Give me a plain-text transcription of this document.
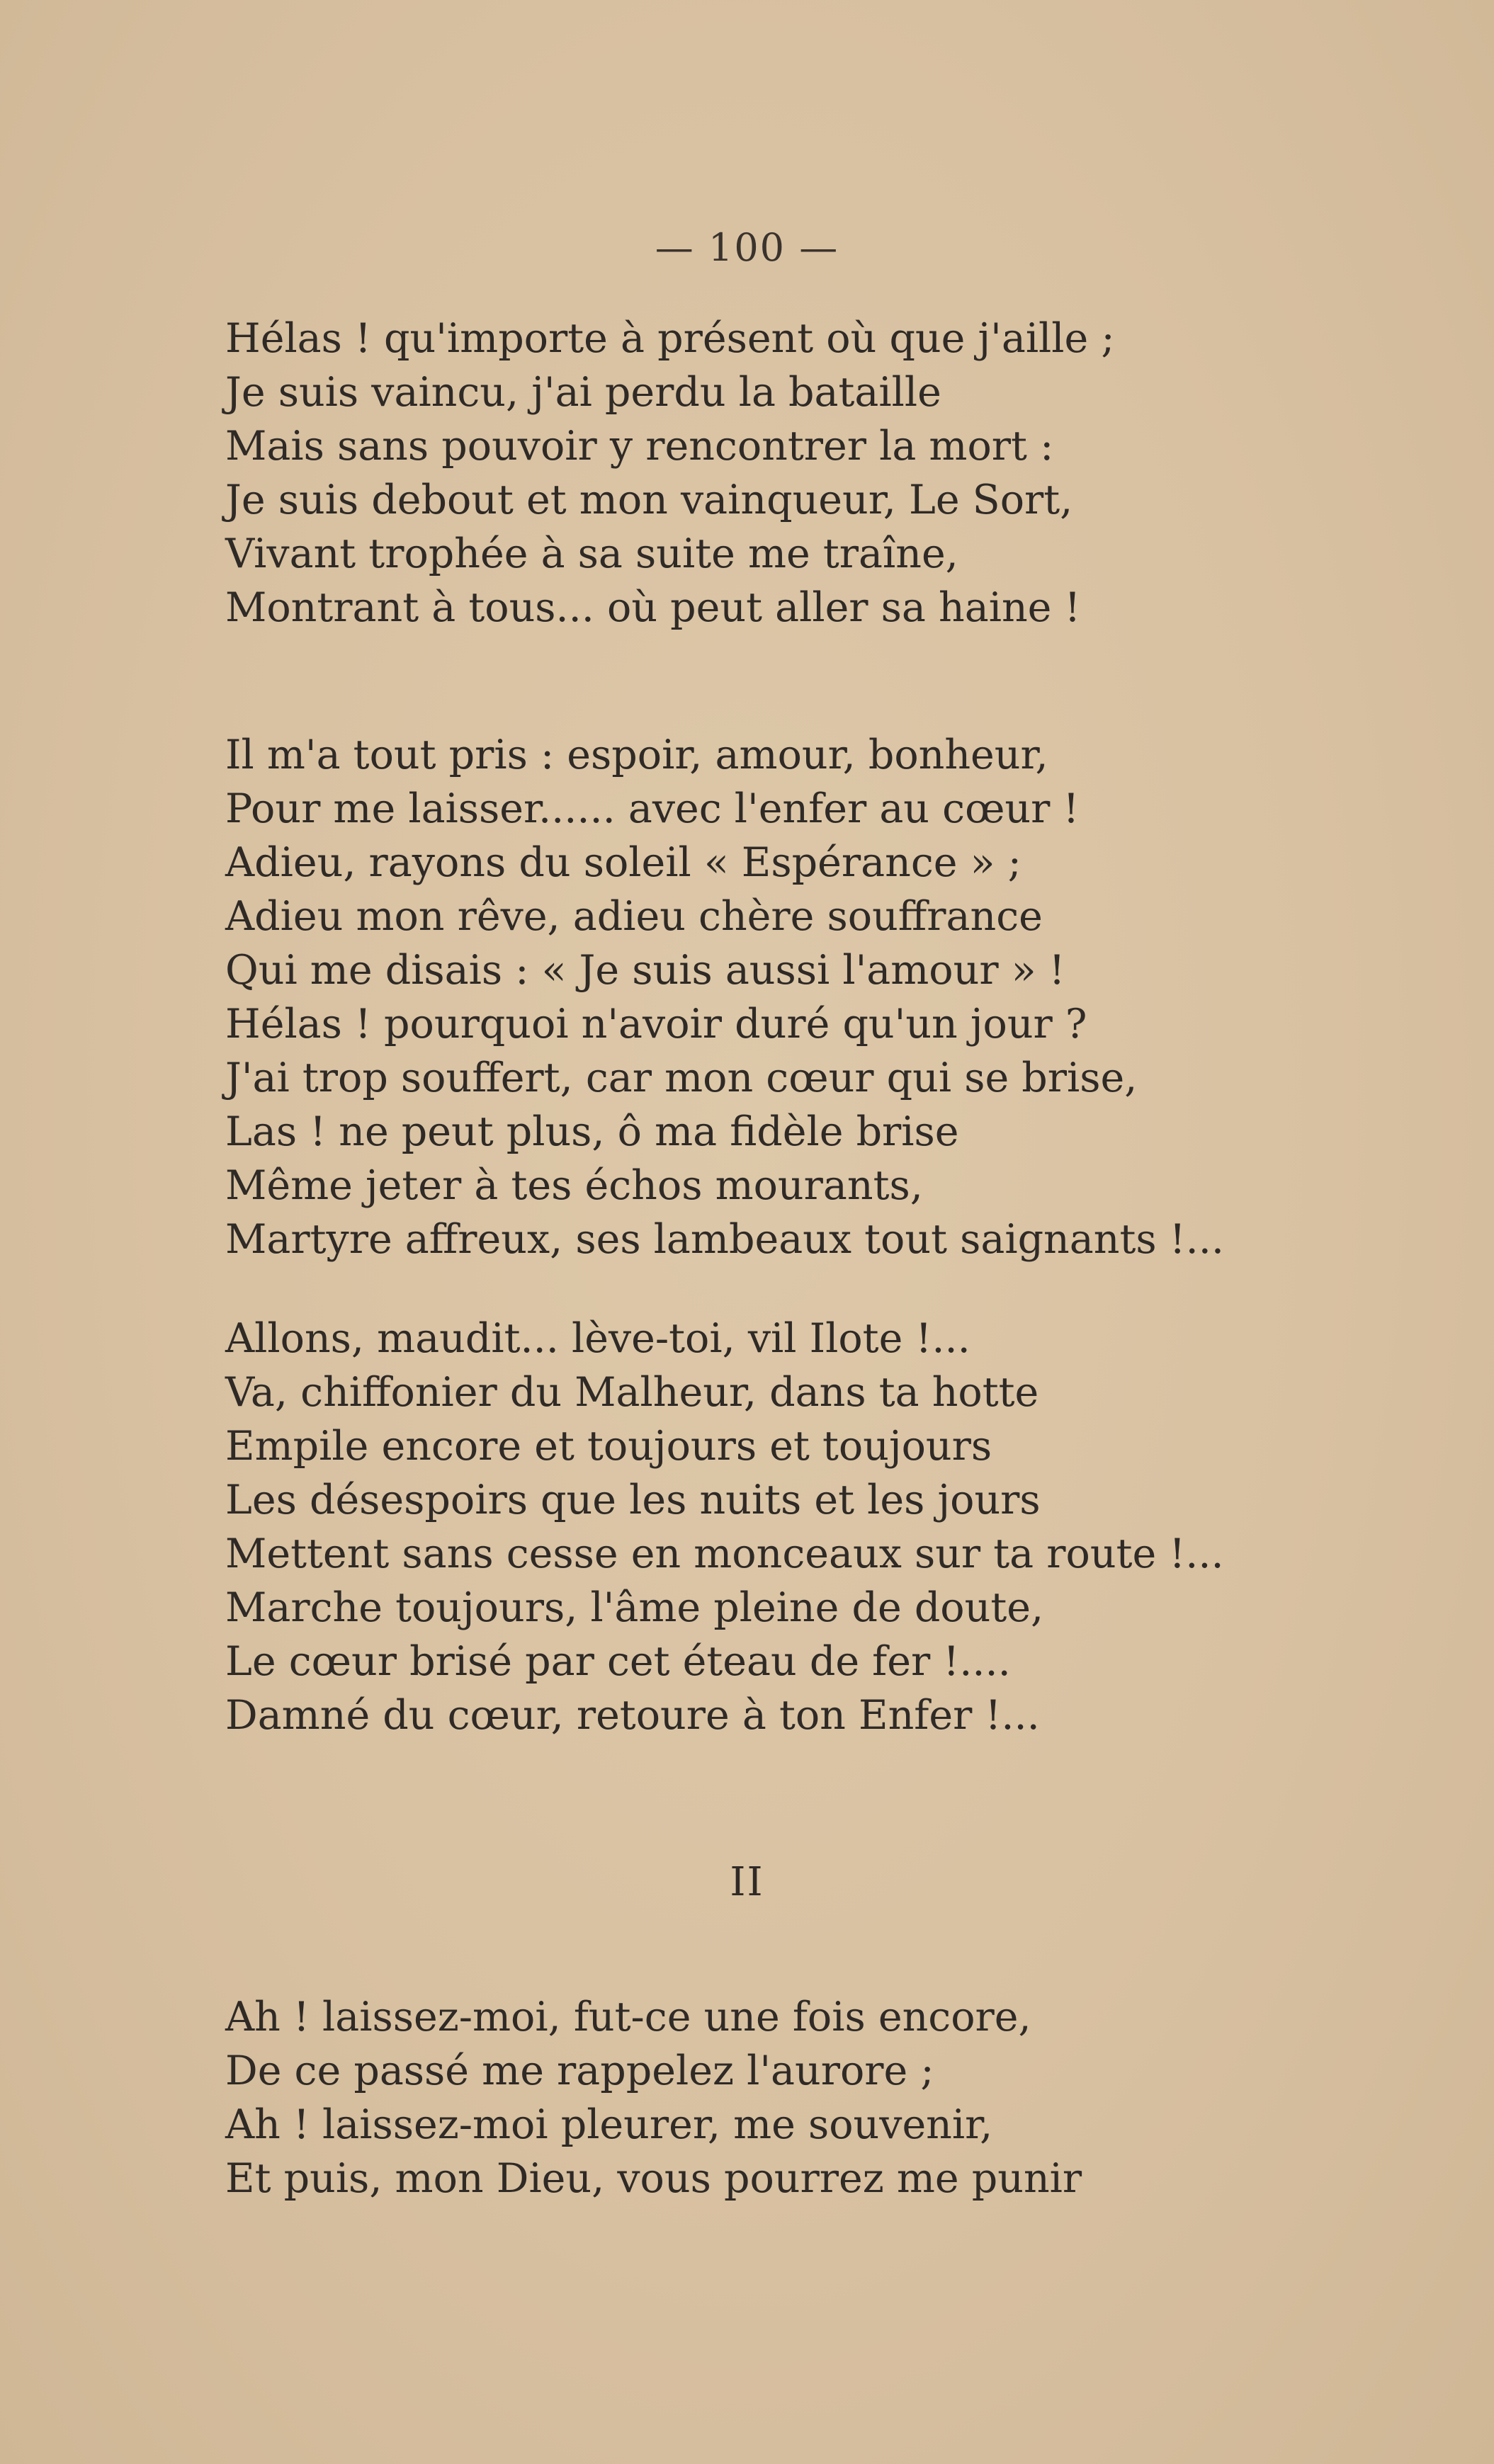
— 100 —
Hélas ! qu'importe à présent où que j'aille ;
Je suis vaincu, j'ai perdu la bataille
Mais sans pouvoir y rencontrer la mort :
Je suis debout et mon vainqueur, Le Sort,
Vivant trophée à sa suite me traîne,
Montrant à tous... où peut aller sa haine !
Il m'a tout pris : espoir, amour, bonheur,
Pour me laisser...... avec l'enfer au cœur !
Adieu, rayons du soleil « Espérance » ;
Adieu mon rêve, adieu chère souffrance
Qui me disais : « Je suis aussi l'amour » !
Hélas ! pourquoi n'avoir duré qu'un jour ?
J'ai trop souffert, car mon cœur qui se brise,
Las ! ne peut plus, ô ma fidèle brise
Même jeter à tes échos mourants,
Martyre affreux, ses lambeaux tout saignants !...
Allons, maudit... lève-toi, vil Ilote !...
Va, chiffonier du Malheur, dans ta hotte
Empile encore et toujours et toujours
Les désespoirs que les nuits et les jours
Mettent sans cesse en monceaux sur ta route !...
Marche toujours, l'âme pleine de doute,
Le cœur brisé par cet éteau de fer !....
Damné du cœur, retoure à ton Enfer !...
II
Ah ! laissez-moi, fut-ce une fois encore,
De ce passé me rappelez l'aurore ;
Ah ! laissez-moi pleurer, me souvenir,
Et puis, mon Dieu, vous pourrez me punir
